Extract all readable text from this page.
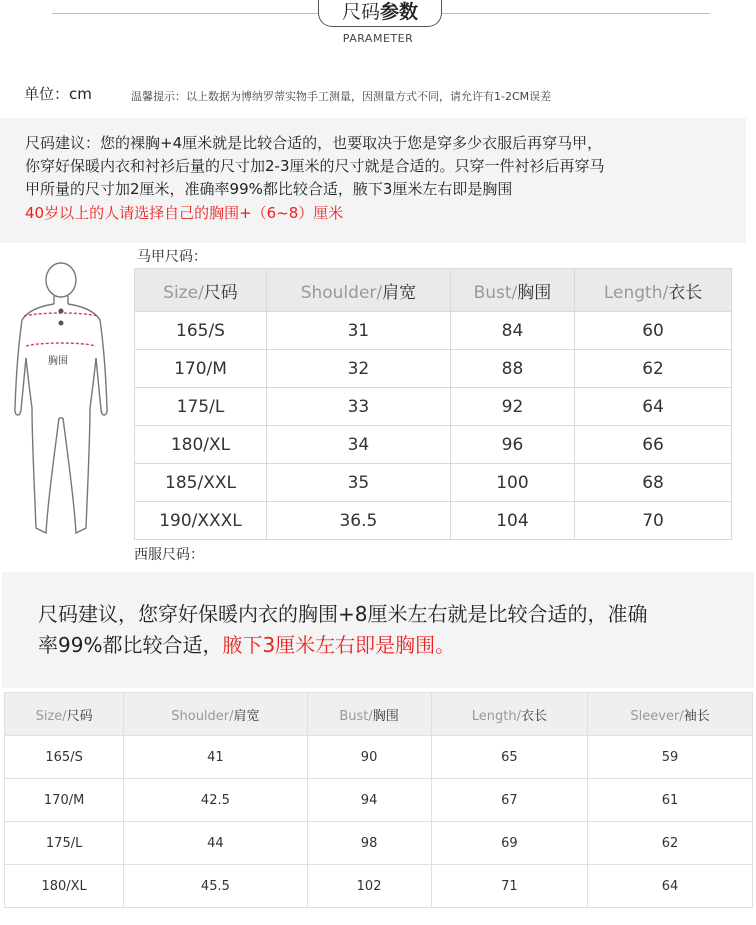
尺码参数
PARAMETER
单位：cm	温馨提示：以上数据为博纳罗蒂实物手工测量，因测量方式不同，请允许有1-2CM误差
尺码建议：您的裸胸+4厘米就是比较合适的，也要取决于您是穿多少衣服后再穿马甲，
你穿好保暖内衣和衬衫后量的尺寸加2-3厘米的尺寸就是合适的。只穿一件衬衫后再穿马
甲所量的尺寸加2厘米，准确率99%都比较合适，腋下3厘米左右即是胸围
40岁以上的人请选择自己的胸围+（6~8）厘米
马甲尺码：
胸围
Size/尺码	Shoulder/肩宽	Bust/胸围	Length/衣长
165/S	31	84	60
170/M	32	88	62
175/L	33	92	64
180/XL	34	96	66
185/XXL	35	100	68
190/XXXL	36.5	104	70
西服尺码：
尺码建议，您穿好保暖内衣的胸围+8厘米左右就是比较合适的，准确
率99%都比较合适，腋下3厘米左右即是胸围。
Size/尺码	Shoulder/肩宽	Bust/胸围	Length/衣长	Sleever/袖长
165/S	41	90	65	59
170/M	42.5	94	67	61
175/L	44	98	69	62
180/XL	45.5	102	71	64
